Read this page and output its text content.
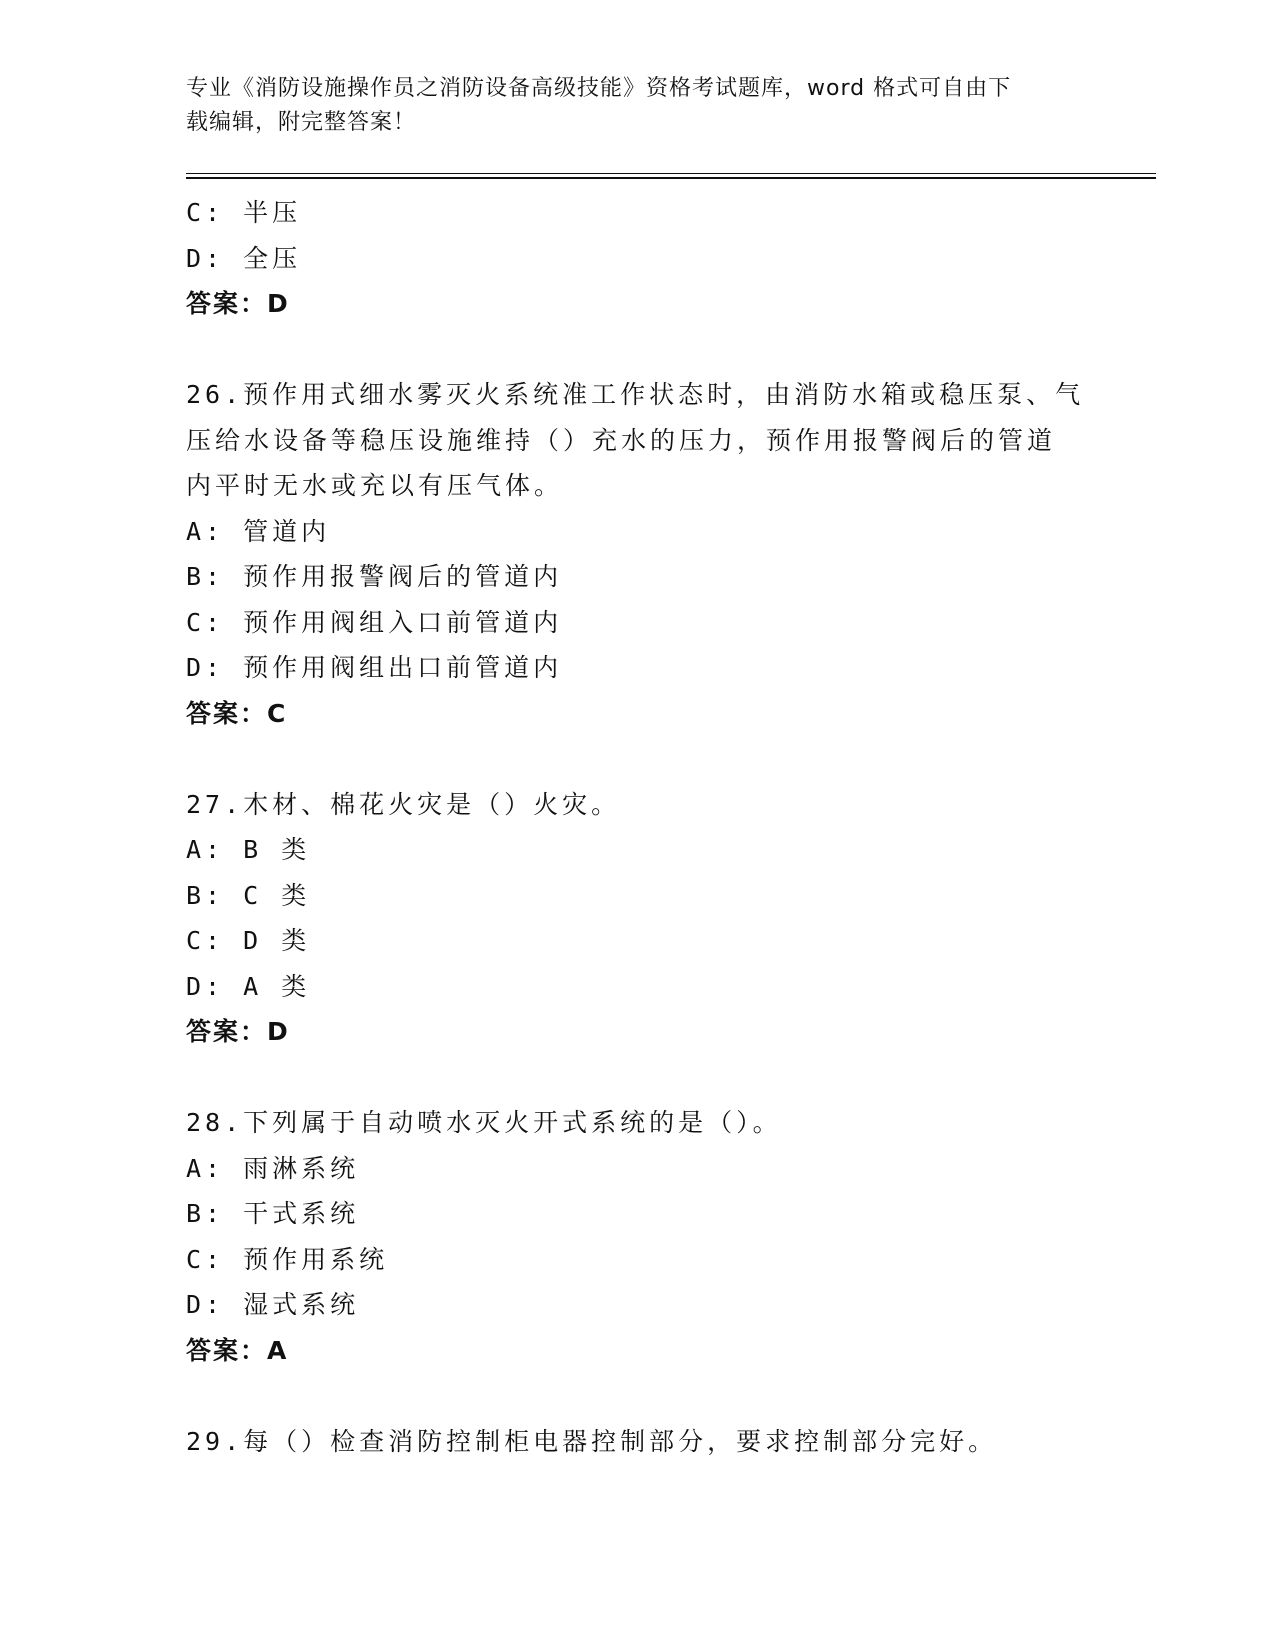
专业《消防设施操作员之消防设备高级技能》资格考试题库，word 格式可自由下
载编辑，附完整答案！
C: 半压
D: 全压
答案：D
26.预作用式细水雾灭火系统准工作状态时，由消防水箱或稳压泵、气
压给水设备等稳压设施维持（）充水的压力，预作用报警阀后的管道
内平时无水或充以有压气体。
A: 管道内
B: 预作用报警阀后的管道内
C: 预作用阀组入口前管道内
D: 预作用阀组出口前管道内
答案：C
27.木材、棉花火灾是（）火灾。
A: B 类
B: C 类
C: D 类
D: A 类
答案：D
28.下列属于自动喷水灭火开式系统的是（）。
A: 雨淋系统
B: 干式系统
C: 预作用系统
D: 湿式系统
答案：A
29.每（）检查消防控制柜电器控制部分，要求控制部分完好。
